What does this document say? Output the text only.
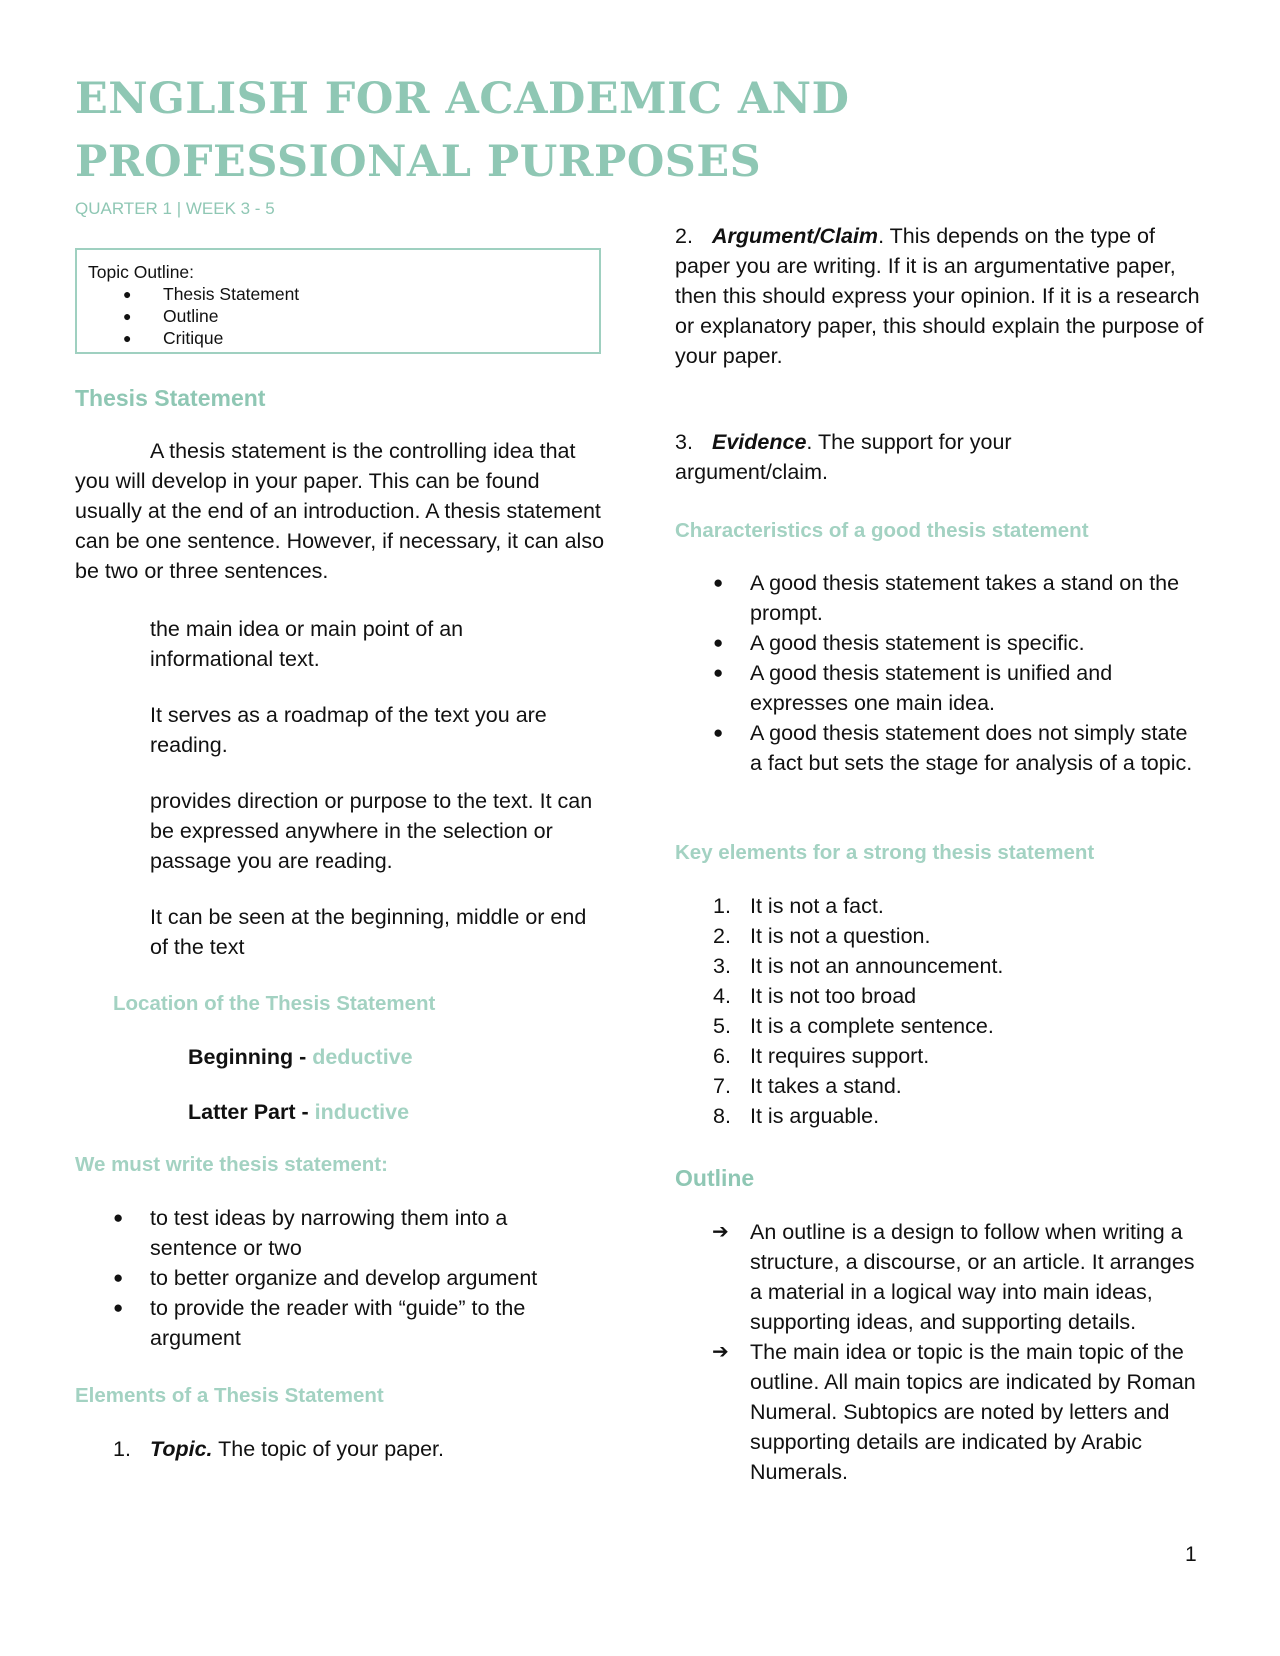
ENGLISH FOR ACADEMIC AND
PROFESSIONAL PURPOSES

QUARTER 1 | WEEK 3 - 5

Topic Outline:
● Thesis Statement
● Outline
● Critique
Thesis Statement

A thesis statement is the controlling idea that you will develop in your paper. This can be found usually at the end of an introduction. A thesis statement can be one sentence. However, if necessary, it can also be two or three sentences.

the main idea or main point of an informational text.

It serves as a roadmap of the text you are reading.

provides direction or purpose to the text. It can be expressed anywhere in the selection or passage you are reading.

It can be seen at the beginning, middle or end of the text

Location of the Thesis Statement

Beginning - deductive

Latter Part - inductive

We must write thesis statement:
● to test ideas by narrowing them into a sentence or two
● to better organize and develop argument
● to provide the reader with “guide” to the argument
Elements of a Thesis Statement
1. Topic. The topic of your paper.
2. Argument/Claim. This depends on the type of paper you are writing. If it is an argumentative paper, then this should express your opinion. If it is a research or explanatory paper, this should explain the purpose of your paper.
3. Evidence. The support for your argument/claim.
Characteristics of a good thesis statement
● A good thesis statement takes a stand on the prompt.
● A good thesis statement is specific.
● A good thesis statement is unified and expresses one main idea.
● A good thesis statement does not simply state a fact but sets the stage for analysis of a topic.
Key elements for a strong thesis statement
1. It is not a fact.
2. It is not a question.
3. It is not an announcement.
4. It is not too broad
5. It is a complete sentence.
6. It requires support.
7. It takes a stand.
8. It is arguable.
Outline
➔ An outline is a design to follow when writing a structure, a discourse, or an article. It arranges a material in a logical way into main ideas, supporting ideas, and supporting details.
➔ The main idea or topic is the main topic of the outline. All main topics are indicated by Roman Numeral. Subtopics are noted by letters and supporting details are indicated by Arabic Numerals.
1
